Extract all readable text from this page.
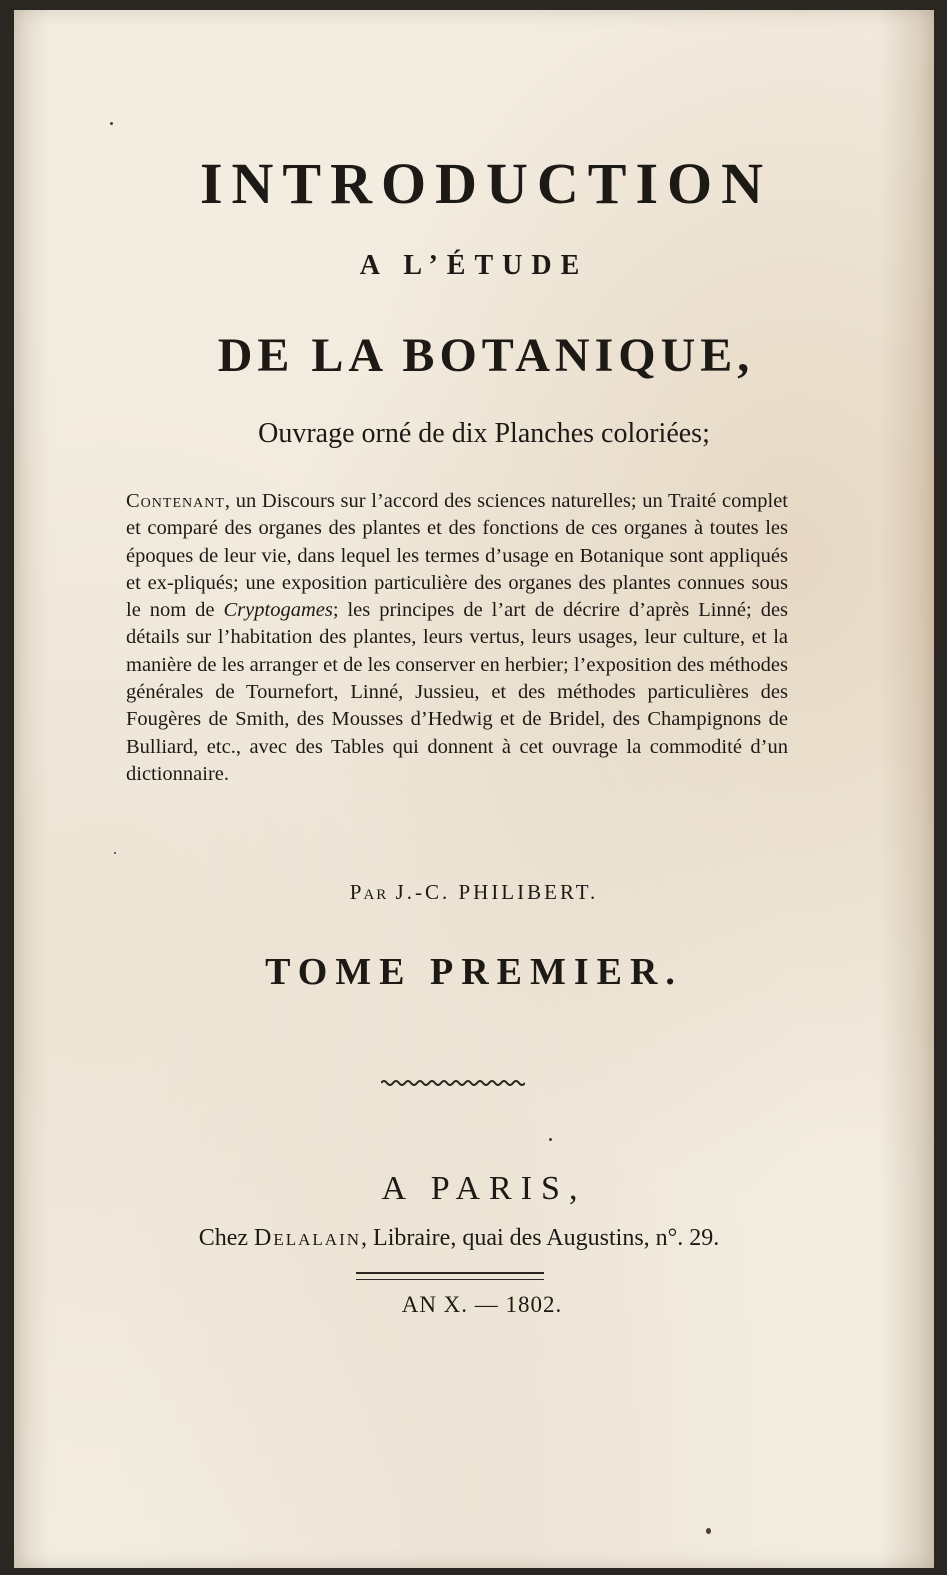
INTRODUCTION
A L’ÉTUDE
DE LA BOTANIQUE,
Ouvrage orné de dix Planches coloriées;
Contenant, un Discours sur l’accord des sciences naturelles; un Traité complet et comparé des organes des plantes et des fonctions de ces organes à toutes les époques de leur vie, dans lequel les termes d’usage en Botanique sont appliqués et ex-pliqués; une exposition particulière des organes des plantes connues sous le nom de Cryptogames; les principes de l’art de décrire d’après Linné; des détails sur l’habitation des plantes, leurs vertus, leurs usages, leur culture, et la manière de les arranger et de les conserver en herbier; l’exposition des méthodes générales de Tournefort, Linné, Jussieu, et des méthodes particulières des Fougères de Smith, des Mousses d’Hedwig et de Bridel, des Champignons de Bulliard, etc., avec des Tables qui donnent à cet ouvrage la commodité d’un dictionnaire.
Par J.-C. PHILIBERT.
TOME PREMIER.
A PARIS,
Chez Delalain, Libraire, quai des Augustins, n°. 29.
AN X. — 1802.
